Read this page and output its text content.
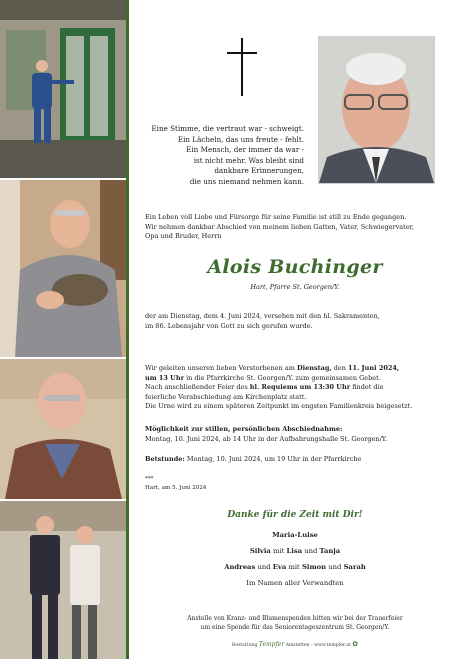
Eine Stimme, die vertraut war - schweigt.
Ein Lächeln, das uns freute - fehlt.
Ein Mensch, der immer da war -
ist nicht mehr. Was bleibt sind
dankbare Erinnerungen,
die uns niemand nehmen kann.
Ein Leben voll Liebe und Fürsorge für seine Familie ist still zu Ende gegangen.
Wir nehmen dankbar Abschied von meinem lieben Gatten, Vater, Schwiegervater,
Opa und Bruder, Herrn
Alois Buchinger
Hart, Pfarre St. Georgen/Y.
der am Dienstag, dem 4. Juni 2024, versehen mit den hl. Sakramenten,
im 86. Lebensjahr von Gott zu sich gerufen wurde.
Wir geleiten unseren lieben Verstorbenen am Dienstag, den 11. Juni 2024,
um 13 Uhr in die Pfarrkirche St. Georgen/Y. zum gemeinsamen Gebet.
Nach anschließender Feier des hl. Requiems um 13:30 Uhr findet die
feierliche Verabschiedung am Kirchenplatz statt.
Die Urne wird zu einem späteren Zeitpunkt im engsten Familienkreis beigesetzt.
Möglichkeit zur stillen, persönlichen Abschiednahme:
Montag, 10. Juni 2024, ab 14 Uhr in der Aufbahrungshalle St. Georgen/Y.
Betstunde: Montag, 10. Juni 2024, um 19 Uhr in der Pfarrkirche
***
Hart, am 5. Juni 2024
Danke für die Zeit mit Dir!
Maria-Luise
Silvia mit Lisa und Tanja
Andreas und Eva mit Simon und Sarah
Im Namen aller Verwandten
Anstelle von Kranz- und Blumenspenden bitten wir bei der Trauerfeier
um eine Spende für das Seniorentageszentrum St. Georgen/Y.
Bestattung Tempfer Amstetten - www.tempfer.at ✿
